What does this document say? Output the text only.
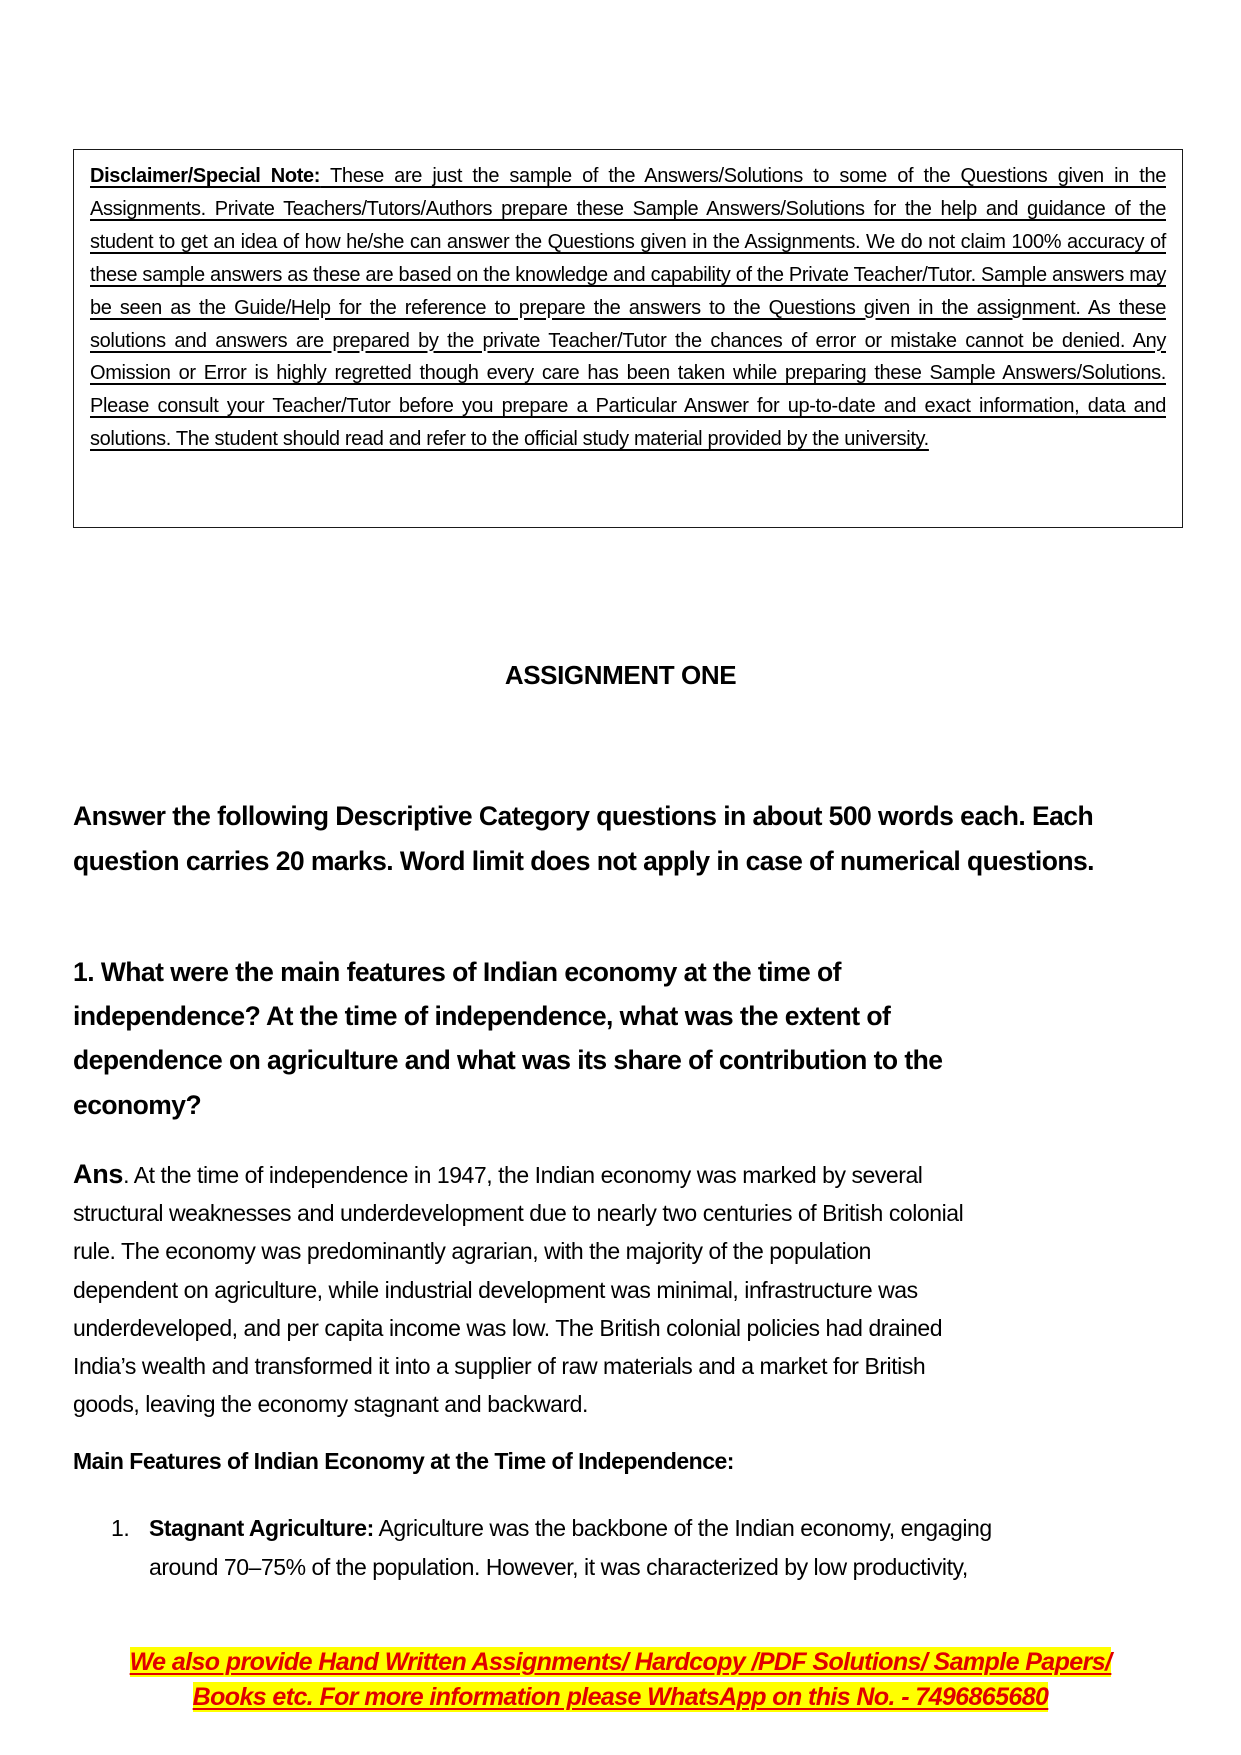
Disclaimer/Special Note: These are just the sample of the Answers/Solutions to some of the Questions given in the Assignments. Private Teachers/Tutors/Authors prepare these Sample Answers/Solutions for the help and guidance of the student to get an idea of how he/she can answer the Questions given in the Assignments. We do not claim 100% accuracy of these sample answers as these are based on the knowledge and capability of the Private Teacher/Tutor. Sample answers may be seen as the Guide/Help for the reference to prepare the answers to the Questions given in the assignment. As these solutions and answers are prepared by the private Teacher/Tutor the chances of error or mistake cannot be denied. Any Omission or Error is highly regretted though every care has been taken while preparing these Sample Answers/Solutions. Please consult your Teacher/Tutor before you prepare a Particular Answer for up-to-date and exact information, data and solutions. The student should read and refer to the official study material provided by the university.
ASSIGNMENT ONE
Answer the following Descriptive Category questions in about 500 words each. Each question carries 20 marks. Word limit does not apply in case of numerical questions.
1. What were the main features of Indian economy at the time of
independence? At the time of independence, what was the extent of
dependence on agriculture and what was its share of contribution to the
economy?
Ans. At the time of independence in 1947, the Indian economy was marked by several
structural weaknesses and underdevelopment due to nearly two centuries of British colonial
rule. The economy was predominantly agrarian, with the majority of the population
dependent on agriculture, while industrial development was minimal, infrastructure was
underdeveloped, and per capita income was low. The British colonial policies had drained
India’s wealth and transformed it into a supplier of raw materials and a market for British
goods, leaving the economy stagnant and backward.
Main Features of Indian Economy at the Time of Independence:
1. Stagnant Agriculture: Agriculture was the backbone of the Indian economy, engaging
around 70–75% of the population. However, it was characterized by low productivity,
We also provide Hand Written Assignments/ Hardcopy /PDF Solutions/ Sample Papers/
Books etc. For more information please WhatsApp on this No. - 7496865680
